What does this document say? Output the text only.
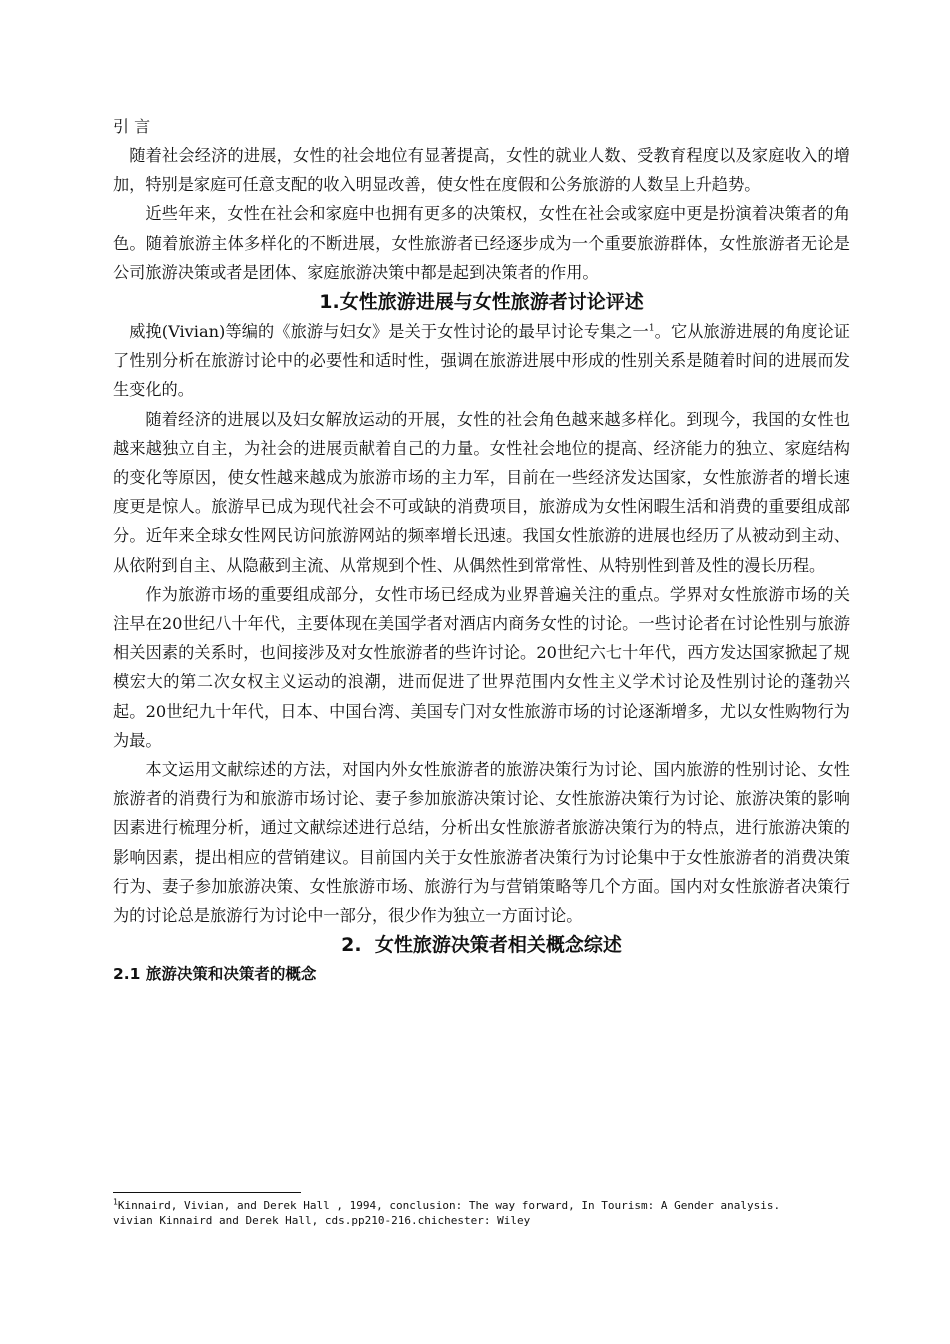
引 言

随着社会经济的进展，女性的社会地位有显著提高，女性的就业人数、受教育程度以及家庭收入的增加，特别是家庭可任意支配的收入明显改善，使女性在度假和公务旅游的人数呈上升趋势。

近些年来，女性在社会和家庭中也拥有更多的决策权，女性在社会或家庭中更是扮演着决策者的角色。随着旅游主体多样化的不断进展，女性旅游者已经逐步成为一个重要旅游群体，女性旅游者无论是公司旅游决策或者是团体、家庭旅游决策中都是起到决策者的作用。

1.女性旅游进展与女性旅游者讨论评述

威挽(Vivian)等编的《旅游与妇女》是关于女性讨论的最早讨论专集之一$^1$。它从旅游进展的角度论证了性别分析在旅游讨论中的必要性和适时性，强调在旅游进展中形成的性别关系是随着时间的进展而发生变化的。

随着经济的进展以及妇女解放运动的开展，女性的社会角色越来越多样化。到现今，我国的女性也越来越独立自主，为社会的进展贡献着自己的力量。女性社会地位的提高、经济能力的独立、家庭结构的变化等原因，使女性越来越成为旅游市场的主力军，目前在一些经济发达国家，女性旅游者的增长速度更是惊人。旅游早已成为现代社会不可或缺的消费项目，旅游成为女性闲暇生活和消费的重要组成部分。近年来全球女性网民访问旅游网站的频率增长迅速。我国女性旅游的进展也经历了从被动到主动、从依附到自主、从隐蔽到主流、从常规到个性、从偶然性到常常性、从特别性到普及性的漫长历程。

作为旅游市场的重要组成部分，女性市场已经成为业界普遍关注的重点。学界对女性旅游市场的关注早在20世纪八十年代，主要体现在美国学者对酒店内商务女性的讨论。一些讨论者在讨论性别与旅游相关因素的关系时，也间接涉及对女性旅游者的些许讨论。20世纪六七十年代，西方发达国家掀起了规模宏大的第二次女权主义运动的浪潮，进而促进了世界范围内女性主义学术讨论及性别讨论的蓬勃兴起。20世纪九十年代，日本、中国台湾、美国专门对女性旅游市场的讨论逐渐增多，尤以女性购物行为为最。

本文运用文献综述的方法，对国内外女性旅游者的旅游决策行为讨论、国内旅游的性别讨论、女性旅游者的消费行为和旅游市场讨论、妻子参加旅游决策讨论、女性旅游决策行为讨论、旅游决策的影响因素进行梳理分析，通过文献综述进行总结，分析出女性旅游者旅游决策行为的特点，进行旅游决策的影响因素，提出相应的营销建议。目前国内关于女性旅游者决策行为讨论集中于女性旅游者的消费决策行为、妻子参加旅游决策、女性旅游市场、旅游行为与营销策略等几个方面。国内对女性旅游者决策行为的讨论总是旅游行为讨论中一部分，很少作为独立一方面讨论。

2.  女性旅游决策者相关概念综述
2.1 旅游决策和决策者的概念
$^1$Kinnaird, Vivian, and Derek Hall , 1994, conclusion: The way forward, In Tourism: A Gender analysis.
vivian Kinnaird and Derek Hall, cds.pp210-216.chichester: Wiley
